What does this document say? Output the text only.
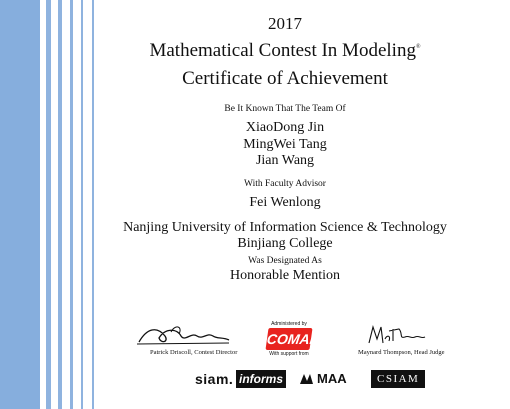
2017
Mathematical Contest In Modeling®
Certificate of Achievement
Be It Known That The Team Of
XiaoDong Jin
MingWei Tang
Jian Wang
With Faculty Advisor
Fei Wenlong
Nanjing University of Information Science & Technology
Binjiang College
Was Designated As
Honorable Mention
Patrick Driscoll, Contest Director
Administered by
COMAP
With support from	Maynard Thompson, Head Judge
siam. informs	MAA	CSIAM
